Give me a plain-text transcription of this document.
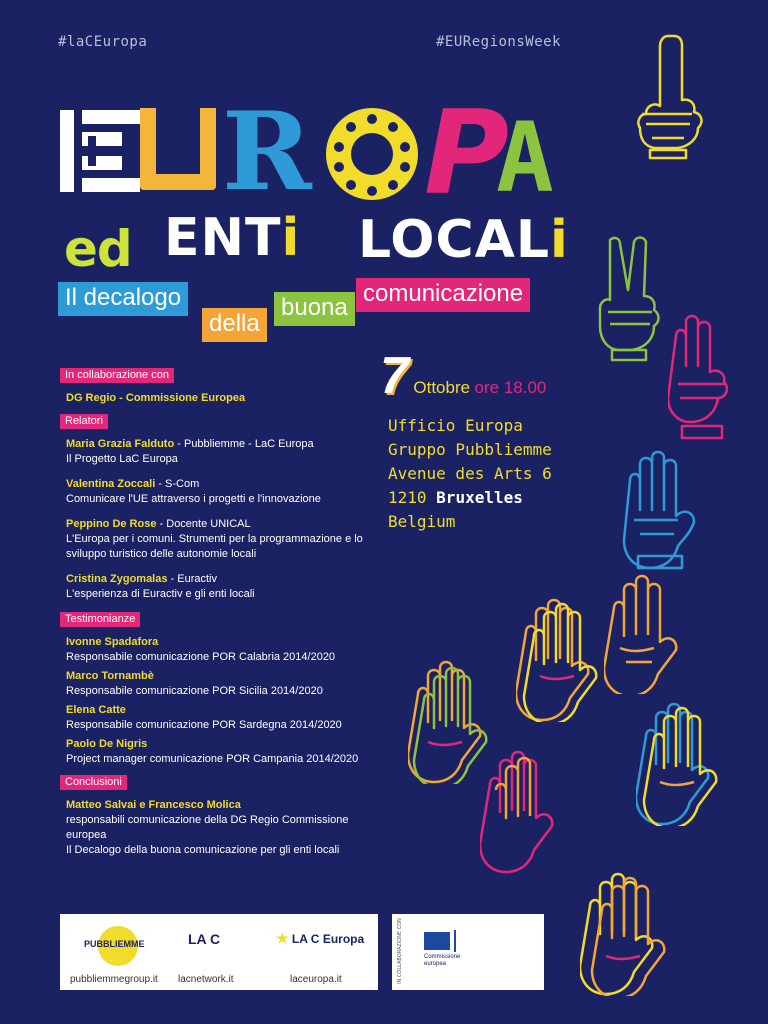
#laCEuropa	#EURegionsWeek
R P
A
ed ENTi LOCALi
Il decalogo
della
buona
comunicazione
7 Ottobre ore 18.00
Ufficio Europa
Gruppo Pubbliemme
Avenue des Arts 6
1210 Bruxelles
Belgium
In collaborazione con
DG Regio - Commissione Europea
Relatori
Maria Grazia Falduto - Pubbliemme - LaC Europa
Il Progetto LaC Europa
Valentina Zoccali - S-Com
Comunicare l'UE attraverso i progetti e l'innovazione
Peppino De Rose - Docente UNICAL
L'Europa per i comuni. Strumenti per la programmazione e lo sviluppo turistico delle autonomie locali
Cristina Zygomalas - Euractiv
L'esperienza di Euractiv e gli enti locali
Testimonianze
Ivonne Spadafora
Responsabile comunicazione POR Calabria 2014/2020
Marco Tornambè
Responsabile comunicazione POR Sicilia 2014/2020
Elena Catte
Responsabile comunicazione POR Sardegna 2014/2020
Paolo De Nigris
Project manager comunicazione POR Campania 2014/2020
Conclusioni
Matteo Salvai e Francesco Molica
responsabili comunicazione della DG Regio Commissione europea
Il Decalogo della buona comunicazione per gli enti locali
PUBBLIEMME
pubbliemmegroup.it
LA C
lacnetwork.it
★ LA C Europa
laceuropa.it	IN COLLABORAZIONE CON	Commissione
europea
